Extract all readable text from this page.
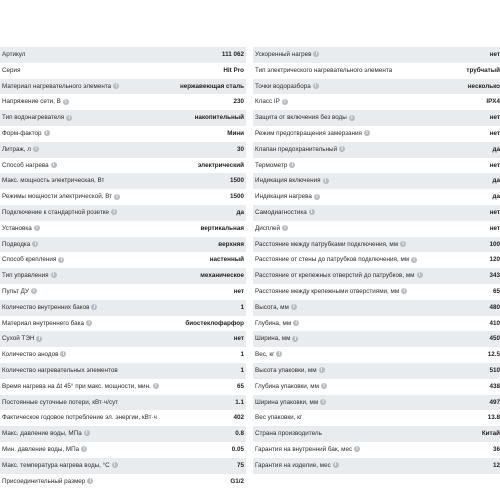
Артикул	111 062
Серия	Hit Pro
Материал нагревательного элемента i	нержавеющая сталь
Напряжение сети, В i	230
Тип водонагревателя i	накопительный
Форм-фактор i	Мини
Литраж, л i	30
Способ нагрева i	электрический
Макс. мощность электрическая, Вт	1500
Режимы мощности электрической, Вт i	1500
Подключение к стандартной розетке i	да
Установка i	вертикальная
Подводка i	верхняя
Способ крепления i	настенный
Тип управления i	механическое
Пульт ДУ i	нет
Количество внутренних баков i	1
Материал внутреннего бака i	биостеклофарфор
Сухой ТЭН i	нет
Количество анодов i	1
Количество нагревательных элементов	1
Время нагрева на Δt 45° при макс. мощности, мин. i	65
Постоянные суточные потери, кВт·ч/сут	1.1
Фактическое годовое потребление эл. энергии, кВт·ч	402
Макс. давление воды, МПа i	0.8
Мин. давление воды, МПа i	0.05
Макс. температура нагрева воды, °С i	75
Присоединительный размер i	G1/2
Ускоренный нагрев i	нет
Тип электрического нагревательного элемента	трубчатый
Точки водоразбора i	несколько
Класс IP i	IPX4
Защита от включения без воды i	нет
Режим предотвращения замерзания i	нет
Клапан предохранительный i	да
Термометр i	нет
Индикация включения i	да
Индикация нагрева i	да
Самодиагностика i	нет
Дисплей i	нет
Расстояние между патрубками подключения, мм i	100
Расстояние от стены до патрубков подключения, мм i	120
Расстояние от крепежных отверстий до патрубков, мм i	343
Расстояние между крепежными отверстиями, мм i	65
Высота, мм i	480
Глубина, мм i	410
Ширина, мм i	450
Вес, кг i	12.5
Высота упаковки, мм i	510
Глубина упаковки, мм i	438
Ширина упаковки, мм i	497
Вес упаковки, кг	13.8
Страна производитель	Китай
Гарантия на внутренний бак, мес i	36
Гарантия на изделие, мес i	12
